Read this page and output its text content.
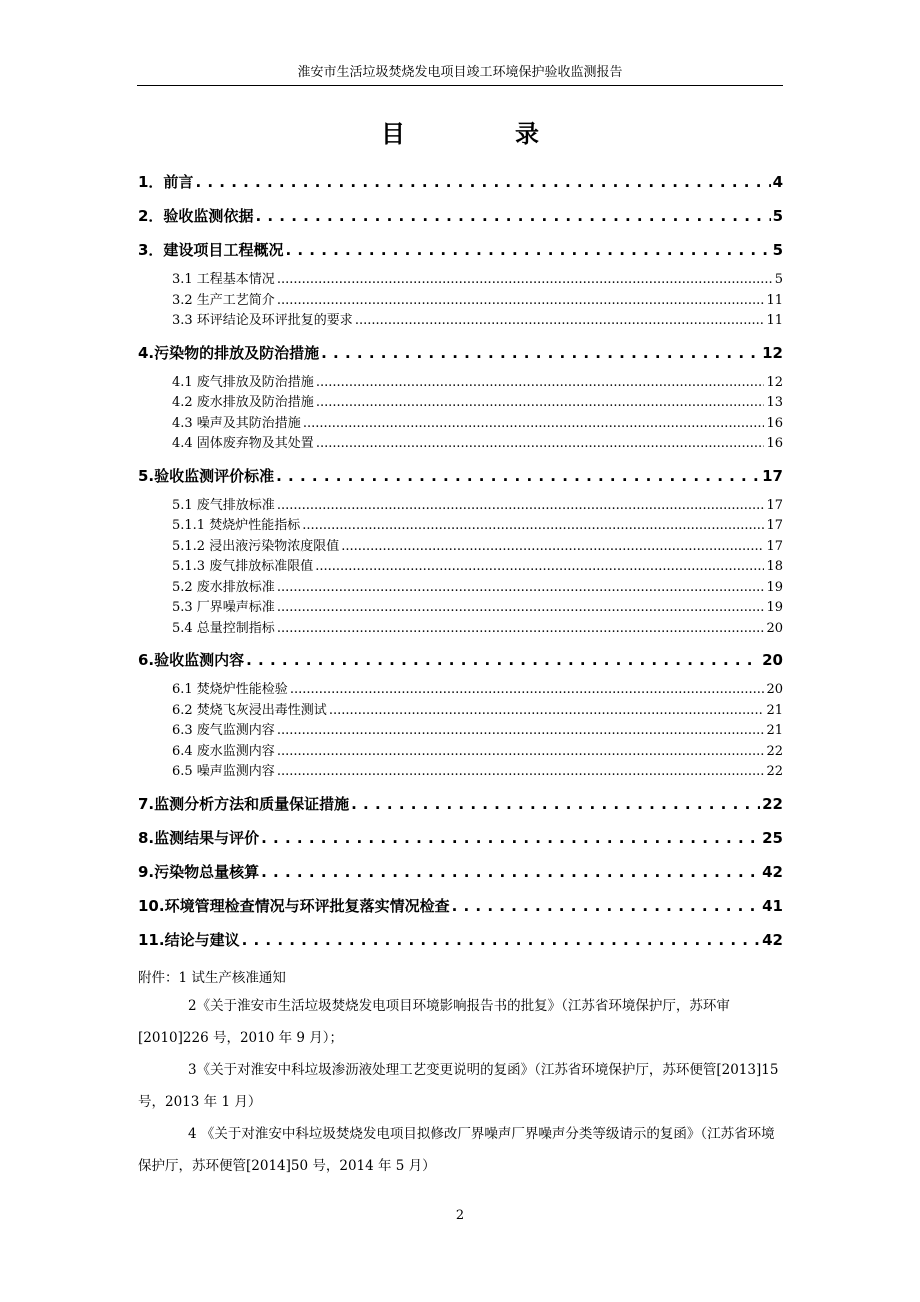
淮安市生活垃圾焚烧发电项目竣工环境保护验收监测报告
目录
1．前言 . . .	4
2．验收监测依据 . . .	5
3．建设项目工程概况 . . .	5
3.1 工程基本情况 .....	5
3.2 生产工艺简介 .....	11
3.3 环评结论及环评批复的要求 .....	11
4.污染物的排放及防治措施 . . .	12
4.1 废气排放及防治措施 .....	12
4.2 废水排放及防治措施 .....	13
4.3 噪声及其防治措施 .....	16
4.4 固体废弃物及其处置 .....	16
5.验收监测评价标准 . . .	17
5.1 废气排放标准 .....	17
5.1.1 焚烧炉性能指标 .....	17
5.1.2 浸出液污染物浓度限值 .....	17
5.1.3 废气排放标准限值 .....	18
5.2 废水排放标准 .....	19
5.3 厂界噪声标准 .....	19
5.4 总量控制指标 .....	20
6.验收监测内容 . . .	20
6.1 焚烧炉性能检验 .....	20
6.2 焚烧飞灰浸出毒性测试 .....	21
6.3 废气监测内容 .....	21
6.4 废水监测内容 .....	22
6.5 噪声监测内容 .....	22
7.监测分析方法和质量保证措施 . . .	22
8.监测结果与评价 . . .	25
9.污染物总量核算 . . .	42
10.环境管理检查情况与环评批复落实情况检查 . . .	41
11.结论与建议 . . .	42

附件：1 试生产核准通知

2《关于淮安市生活垃圾焚烧发电项目环境影响报告书的批复》（江苏省环境保护厅，苏环审[2010]226 号，2010 年 9 月）；

3《关于对淮安中科垃圾渗沥液处理工艺变更说明的复函》（江苏省环境保护厅，苏环便管[2013]15 号，2013 年 1 月）

4 《关于对淮安中科垃圾焚烧发电项目拟修改厂界噪声厂界噪声分类等级请示的复函》（江苏省环境保护厅，苏环便管[2014]50 号，2014 年 5 月）

2
